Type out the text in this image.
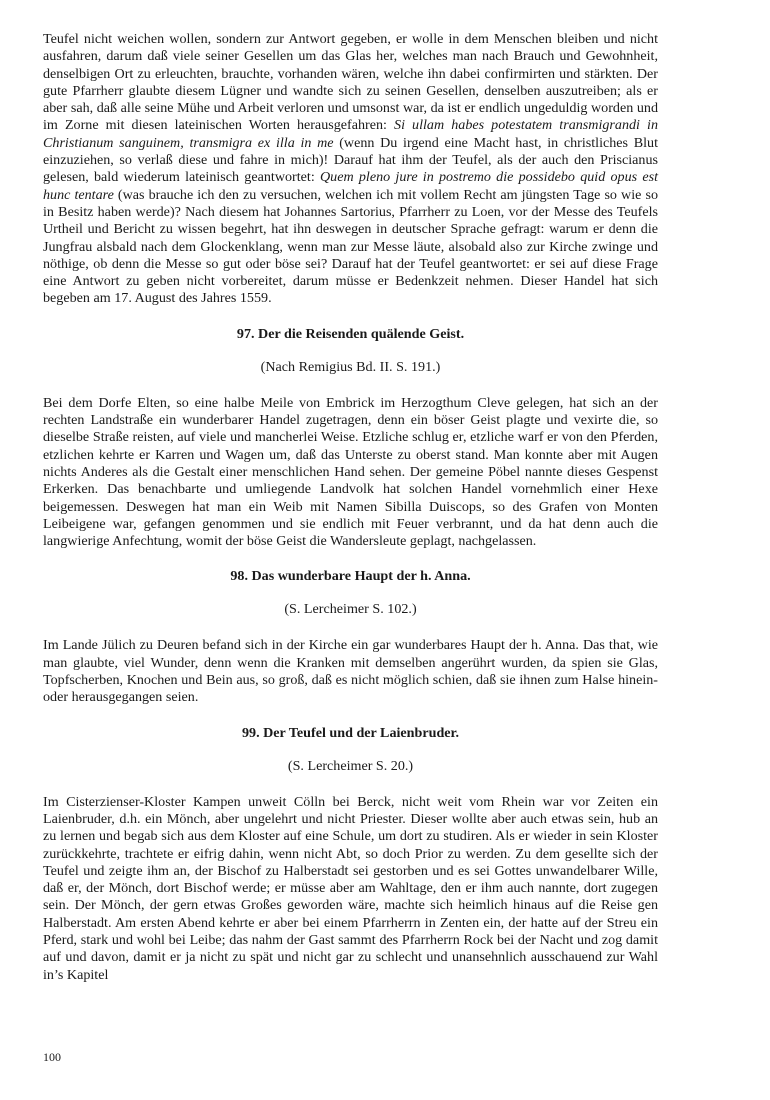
Teufel nicht weichen wollen, sondern zur Antwort gegeben, er wolle in dem Menschen bleiben und nicht ausfahren, darum daß viele seiner Gesellen um das Glas her, welches man nach Brauch und Gewohnheit, denselbigen Ort zu erleuchten, brauchte, vorhanden wären, welche ihn dabei confirmirten und stärkten. Der gute Pfarrherr glaubte diesem Lügner und wandte sich zu seinen Gesellen, denselben auszutreiben; als er aber sah, daß alle seine Mühe und Arbeit verloren und umsonst war, da ist er endlich ungeduldig worden und im Zorne mit diesen lateinischen Worten herausgefahren: Si ullam habes potestatem transmigrandi in Christianum sanguinem, transmigra ex illa in me (wenn Du irgend eine Macht hast, in christliches Blut einzuziehen, so verlaß diese und fahre in mich)! Darauf hat ihm der Teufel, als der auch den Priscianus gelesen, bald wiederum lateinisch geantwortet: Quem pleno jure in postremo die possidebo quid opus est hunc tentare (was brauche ich den zu versuchen, welchen ich mit vollem Recht am jüngsten Tage so wie so in Besitz haben werde)? Nach diesem hat Johannes Sartorius, Pfarrherr zu Loen, vor der Messe des Teufels Urtheil und Bericht zu wissen begehrt, hat ihn deswegen in deutscher Sprache gefragt: warum er denn die Jungfrau alsbald nach dem Glockenklang, wenn man zur Messe läute, alsobald also zur Kirche zwinge und nöthige, ob denn die Messe so gut oder böse sei? Darauf hat der Teufel geantwortet: er sei auf diese Frage eine Antwort zu geben nicht vorbereitet, darum müsse er Bedenkzeit nehmen. Dieser Handel hat sich begeben am 17. August des Jahres 1559.

97. Der die Reisenden quälende Geist.
(Nach Remigius Bd. II. S. 191.)

Bei dem Dorfe Elten, so eine halbe Meile von Embrick im Herzogthum Cleve gelegen, hat sich an der rechten Landstraße ein wunderbarer Handel zugetragen, denn ein böser Geist plagte und vexirte die, so dieselbe Straße reisten, auf viele und mancherlei Weise. Etzliche schlug er, etzliche warf er von den Pferden, etzlichen kehrte er Karren und Wagen um, daß das Unterste zu oberst stand. Man konnte aber mit Augen nichts Anderes als die Gestalt einer menschlichen Hand sehen. Der gemeine Pöbel nannte dieses Gespenst Erkerken. Das benachbarte und umliegende Landvolk hat solchen Handel vornehmlich einer Hexe beigemessen. Deswegen hat man ein Weib mit Namen Sibilla Duiscops, so des Grafen von Monten Leibeigene war, gefangen genommen und sie endlich mit Feuer verbrannt, und da hat denn auch die langwierige Anfechtung, womit der böse Geist die Wandersleute geplagt, nachgelassen.

98. Das wunderbare Haupt der h. Anna.
(S. Lercheimer S. 102.)

Im Lande Jülich zu Deuren befand sich in der Kirche ein gar wunderbares Haupt der h. Anna. Das that, wie man glaubte, viel Wunder, denn wenn die Kranken mit demselben angerührt wurden, da spien sie Glas, Topfscherben, Knochen und Bein aus, so groß, daß es nicht möglich schien, daß sie ihnen zum Halse hinein- oder herausgegangen seien.

99. Der Teufel und der Laienbruder.
(S. Lercheimer S. 20.)

Im Cisterzienser-Kloster Kampen unweit Cölln bei Berck, nicht weit vom Rhein war vor Zeiten ein Laienbruder, d.h. ein Mönch, aber ungelehrt und nicht Priester. Dieser wollte aber auch etwas sein, hub an zu lernen und begab sich aus dem Kloster auf eine Schule, um dort zu studiren. Als er wieder in sein Kloster zurückkehrte, trachtete er eifrig dahin, wenn nicht Abt, so doch Prior zu werden. Zu dem gesellte sich der Teufel und zeigte ihm an, der Bischof zu Halberstadt sei gestorben und es sei Gottes unwandelbarer Wille, daß er, der Mönch, dort Bischof werde; er müsse aber am Wahltage, den er ihm auch nannte, dort zugegen sein. Der Mönch, der gern etwas Großes geworden wäre, machte sich heimlich hinaus auf die Reise gen Halberstadt. Am ersten Abend kehrte er aber bei einem Pfarrherrn in Zenten ein, der hatte auf der Streu ein Pferd, stark und wohl bei Leibe; das nahm der Gast sammt des Pfarrherrn Rock bei der Nacht und zog damit auf und davon, damit er ja nicht zu spät und nicht gar zu schlecht und unansehnlich ausschauend zur Wahl in’s Kapitel

100
